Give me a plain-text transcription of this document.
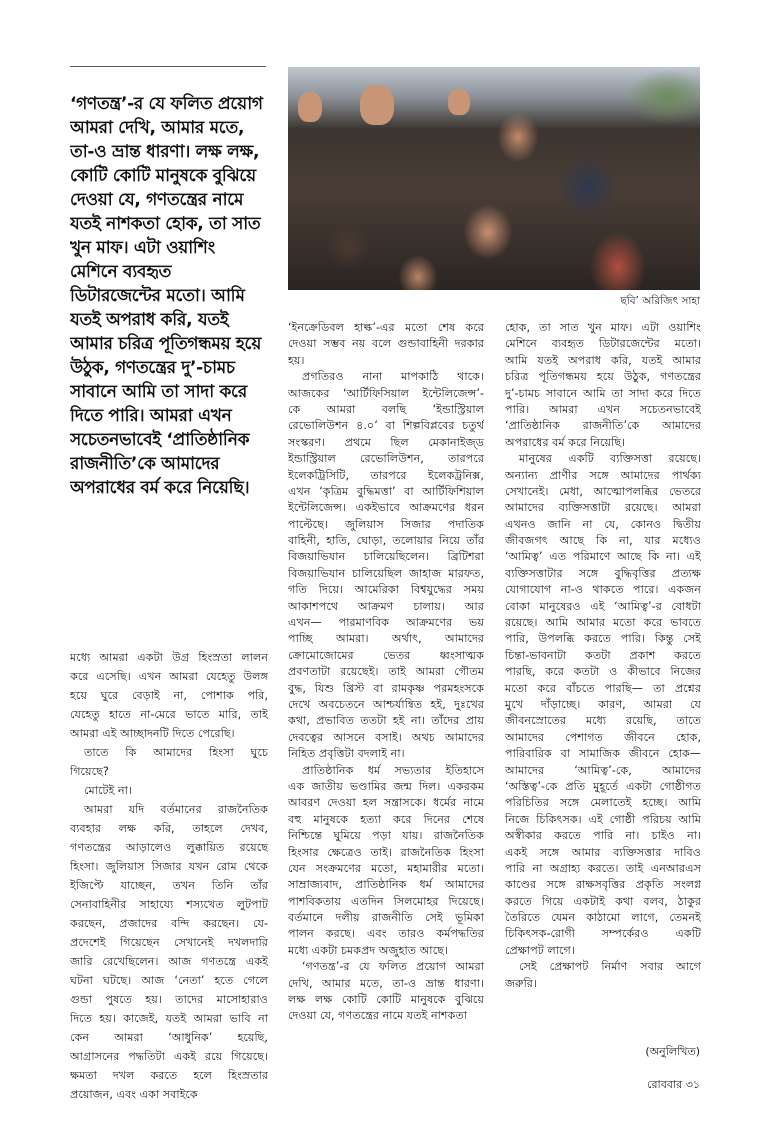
‘গণতন্ত্র’-র যে ফলিত প্রয়োগ
আমরা দেখি, আমার মতে,
তা-ও ভ্রান্ত ধারণা। লক্ষ লক্ষ,
কোটি কোটি মানুষকে বুঝিয়ে
দেওয়া যে, গণতন্ত্রের নামে
যতই নাশকতা হোক, তা সাত
খুন মাফ। এটা ওয়াশিং
মেশিনে ব্যবহৃত
ডিটারজেন্টের মতো। আমি
যতই অপরাধ করি, যতই
আমার চরিত্র পূতিগন্ধময় হয়ে
উঠুক, গণতন্ত্রের দু’-চামচ
সাবানে আমি তা সাদা করে
দিতে পারি। আমরা এখন
সচেতনভাবেই ‘প্রাতিষ্ঠানিক
রাজনীতি’কে আমাদের
অপরাধের বর্ম করে নিয়েছি।
ছবি’ অরিজিৎ সাহা
মধ্যে আমরা একটা উগ্র হিংস্রতা লালন
করে এসেছি। এখন আমরা যেহেতু উলঙ্গ
হয়ে ঘুরে বেড়াই না, পোশাক পরি,
যেহেতু হাতে না-মেরে ভাতে মারি, তাই
আমরা এই আচ্ছাদনটি দিতে পেরেছি।
তাতে কি আমাদের হিংসা ঘুচে
গিয়েছে?
মোটেই না।
আমরা যদি বর্তমানের রাজনৈতিক
ব্যবহার লক্ষ করি, তাহলে দেখব,
গণতন্ত্রের আড়ালেও লুক্কায়িত রয়েছে
হিংসা। জুলিয়াস সিজার যখন রোম থেকে
ইজিপ্টে যাচ্ছেন, তখন তিনি তাঁর
সেনাবাহিনীর সাহায্যে শস্যখেত লুটপাট
করছেন, প্রজাদের বন্দি করছেন। যে-
প্রদেশেই গিয়েছেন সেখানেই দখলদারি
জারি রেখেছিলেন। আজ গণতন্ত্রে একই
ঘটনা ঘটছে। আজ ‘নেতা’ হতে গেলে
গুন্ডা পুষতে হয়। তাদের মাসোহারাও
দিতে হয়। কাজেই, যতই আমরা ভাবি না
কেন আমরা ‘আধুনিক’ হয়েছি,
আগ্রাসনের পদ্ধতিটা একই রয়ে গিয়েছে।
ক্ষমতা দখল করতে হলে হিংস্রতার
প্রয়োজন, এবং একা সবাইকে
‘ইনক্রেডিবল হাল্ক’-এর মতো শেষ করে
দেওয়া সম্ভব নয় বলে গুন্ডাবাহিনী দরকার
হয়।
প্রগতিরও নানা মাপকাঠি থাকে।
আজকের ‘আর্টিফিসিয়াল ইন্টেলিজেন্স’-
কে আমরা বলছি ‘ইন্ডাস্ট্রিয়াল
রেভোলিউশন ৪.০’ বা শিল্পবিপ্লবের চতুর্থ
সংস্করণ। প্রথমে ছিল মেকানাইজ্‌ড
ইন্ডাস্ট্রিয়াল রেভোলিউশন, তারপরে
ইলেকট্রিসিটি, তারপরে ইলেকট্রনিক্স,
এখন ‘কৃত্রিম বুদ্ধিমত্তা’ বা আর্টিফিশিয়াল
ইন্টেলিজেন্স। একইভাবে আক্রমণের ধরন
পাল্টেছে। জুলিয়াস সিজার পদাতিক
বাহিনী, হাতি, ঘোড়া, তলোয়ার নিয়ে তাঁর
বিজয়াভিযান চালিয়েছিলেন। ব্রিটিশরা
বিজয়াভিযান চালিয়েছিল জাহাজ মারফত,
গতি দিয়ে। আমেরিকা বিশ্বযুদ্ধের সময়
আকাশপথে আক্রমণ চালায়। আর
এখন— পারমাণবিক আক্রমণের ভয়
পাচ্ছি আমরা। অর্থাৎ, আমাদের
ক্রোমোজোমের ভেতর ধ্বংসাত্মক
প্রবণতাটা রয়েছেই। তাই আমরা গৌতম
বুদ্ধ, যিশু খ্রিস্ট বা রামকৃষ্ণ পরমহংসকে
দেখে অবচেতনে আশ্চর্যান্বিত হই, দুঃখের
কথা, প্রভাবিত ততটা হই না। তাঁদের প্রায়
দেবত্বের আসনে বসাই। অথচ আমাদের
নিহিত প্রবৃত্তিটা বদলাই না।
প্রাতিষ্ঠানিক ধর্ম সভ্যতার ইতিহাসে
এক জাতীয় ভণ্ডামির জন্ম দিল। একরকম
আবরণ দেওয়া হল সন্ত্রাসকে। ধর্মের নামে
বহু মানুষকে হত্যা করে দিনের শেষে
নিশ্চিন্তে ঘুমিয়ে পড়া যায়। রাজনৈতিক
হিংসার ক্ষেত্রেও তাই। রাজনৈতিক হিংসা
যেন সংক্রমণের মতো, মহামারীর মতো।
সাম্রাজ্যবাদ, প্রাতিষ্ঠানিক ধর্ম আমাদের
পাশবিকতায় এতদিন সিলমোহর দিয়েছে।
বর্তমানে দলীয় রাজনীতি সেই ভূমিকা
পালন করছে। এবং তারও কর্মপদ্ধতির
মধ্যে একটা চমকপ্রদ অজুহাত আছে।
‘গণতন্ত্র’-র যে ফলিত প্রয়োগ আমরা
দেখি, আমার মতে, তা-ও ভ্রান্ত ধারণা।
লক্ষ লক্ষ কোটি কোটি মানুষকে বুঝিয়ে
দেওয়া যে, গণতন্ত্রের নামে যতই নাশকতা
হোক, তা সাত খুন মাফ। এটা ওয়াশিং
মেশিনে ব্যবহৃত ডিটারজেন্টের মতো।
আমি যতই অপরাধ করি, যতই আমার
চরিত্র পূতিগন্ধময় হয়ে উঠুক, গণতন্ত্রের
দু’-চামচ সাবানে আমি তা সাদা করে দিতে
পারি। আমরা এখন সচেতনভাবেই
‘প্রাতিষ্ঠানিক রাজনীতি’কে আমাদের
অপরাধের বর্ম করে নিয়েছি।
মানুষের একটি ব্যক্তিসত্তা রয়েছে।
অন্যান্য প্রাণীর সঙ্গে আমাদের পার্থক্য
সেখানেই। মেধা, আত্মোপলব্ধির ভেতরে
আমাদের ব্যক্তিসত্তাটা রয়েছে। আমরা
এখনও জানি না যে, কোনও দ্বিতীয়
জীবজগৎ আছে কি না, যার মধ্যেও
‘আমিত্ব’ এত পরিমাণে আছে কি না। এই
ব্যক্তিসত্তাটার সঙ্গে বুদ্ধিবৃত্তির প্রত্যক্ষ
যোগাযোগ না-ও থাকতে পারে। একজন
বোকা মানুষেরও এই ‘আমিত্ব’-র বোধটা
রয়েছে। আমি আমার মতো করে ভাবতে
পারি, উপলব্ধি করতে পারি। কিন্তু সেই
চিন্তা-ভাবনাটা কতটা প্রকাশ করতে
পারছি, করে কতটা ও কীভাবে নিজের
মতো করে বাঁচতে পারছি— তা প্রশ্নের
মুখে দাঁড়াচ্ছে। কারণ, আমরা যে
জীবনস্রোতের মধ্যে রয়েছি, তাতে
আমাদের পেশাগত জীবনে হোক,
পারিবারিক বা সামাজিক জীবনে হোক—
আমাদের ‘আমিত্ব’-কে, আমাদের
‘অস্তিত্ব’-কে প্রতি মুহূর্তে একটা গোষ্ঠীগত
পরিচিতির সঙ্গে মেলাতেই হচ্ছে। আমি
নিজে চিকিৎসক। এই গোষ্ঠী পরিচয় আমি
অস্বীকার করতে পারি না। চাইও না।
একই সঙ্গে আমার ব্যক্তিসত্তার দাবিও
পারি না অগ্রাহ্য করতে। তাই এনআরএস
কাণ্ডের সঙ্গে রাক্ষসবৃত্তির প্রকৃতি সংলগ্ন
করতে গিয়ে একটাই কথা বলব, ঠাকুর
তৈরিতে যেমন কাঠামো লাগে, তেমনই
চিকিৎসক-রোগী সম্পর্কেরও একটি
প্রেক্ষাপট লাগে।
সেই প্রেক্ষাপট নির্মাণ সবার আগে
জরুরি।
(অনুলিখিত)
রোববার ৩১
